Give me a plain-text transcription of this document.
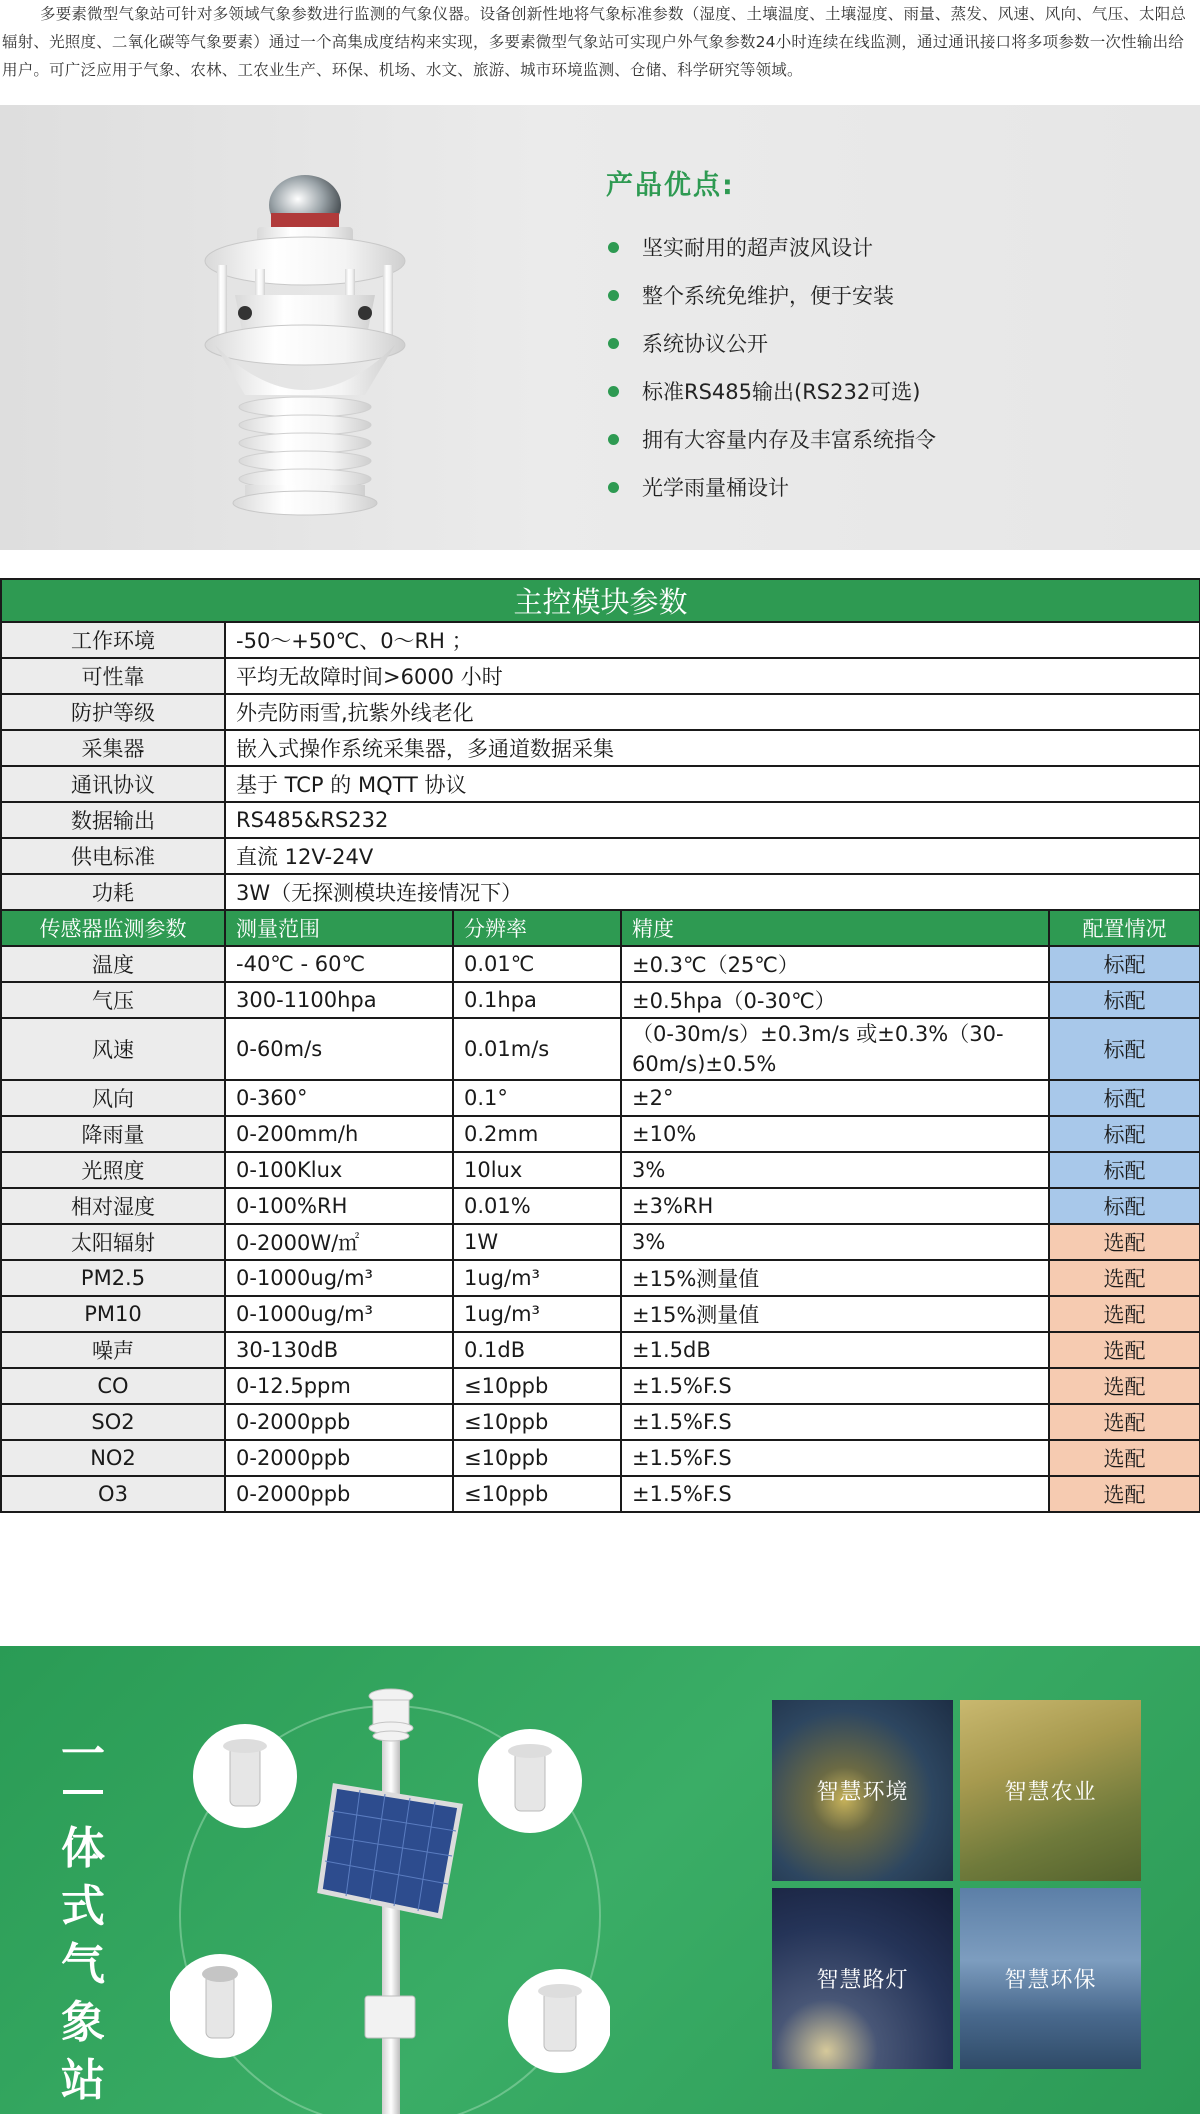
多要素微型气象站可针对多领域气象参数进行监测的气象仪器。设备创新性地将气象标准参数（湿度、土壤温度、土壤湿度、雨量、蒸发、风速、风向、气压、太阳总辐射、光照度、二氧化碳等气象要素）通过一个高集成度结构来实现，多要素微型气象站可实现户外气象参数24小时连续在线监测，通过通讯接口将多项参数一次性输出给用户。可广泛应用于气象、农林、工农业生产、环保、机场、水文、旅游、城市环境监测、仓储、科学研究等领域。
产品优点:
坚实耐用的超声波风设计
整个系统免维护，便于安装
系统协议公开
标准RS485输出(RS232可选)
拥有大容量内存及丰富系统指令
光学雨量桶设计
主控模块参数				
工作环境	-50～+50℃、0～RH ；			
可性靠	平均无故障时间>6000 小时			
防护等级	外壳防雨雪,抗紫外线老化			
采集器	嵌入式操作系统采集器，多通道数据采集			
通讯协议	基于 TCP 的 MQTT 协议			
数据输出	RS485&RS232			
供电标准	直流 12V-24V			
功耗	3W（无探测模块连接情况下）			
传感器监测参数	测量范围	分辨率	精度	配置情况
温度	-40℃ - 60℃	0.01℃	±0.3℃（25℃）	标配
气压	300-1100hpa	0.1hpa	±0.5hpa（0-30℃）	标配
风速	0-60m/s	0.01m/s	（0-30m/s）±0.3m/s 或±0.3%（30-60m/s)±0.5%	标配
风向	0-360°	0.1°	±2°	标配
降雨量	0-200mm/h	0.2mm	±10%	标配
光照度	0-100Klux	10lux	3%	标配
相对湿度	0-100%RH	0.01%	±3%RH	标配
太阳辐射	0-2000W/㎡	1W	3%	选配
PM2.5	0-1000ug/m³	1ug/m³	±15%测量值	选配
PM10	0-1000ug/m³	1ug/m³	±15%测量值	选配
噪声	30-130dB	0.1dB	±1.5dB	选配
CO	0-12.5ppm	≤10ppb	±1.5%F.S	选配
SO2	0-2000ppb	≤10ppb	±1.5%F.S	选配
NO2	0-2000ppb	≤10ppb	±1.5%F.S	选配
O3	0-2000ppb	≤10ppb	±1.5%F.S	选配
一
体
式
气
象
站
智慧环境	智慧农业
智慧路灯	智慧环保
